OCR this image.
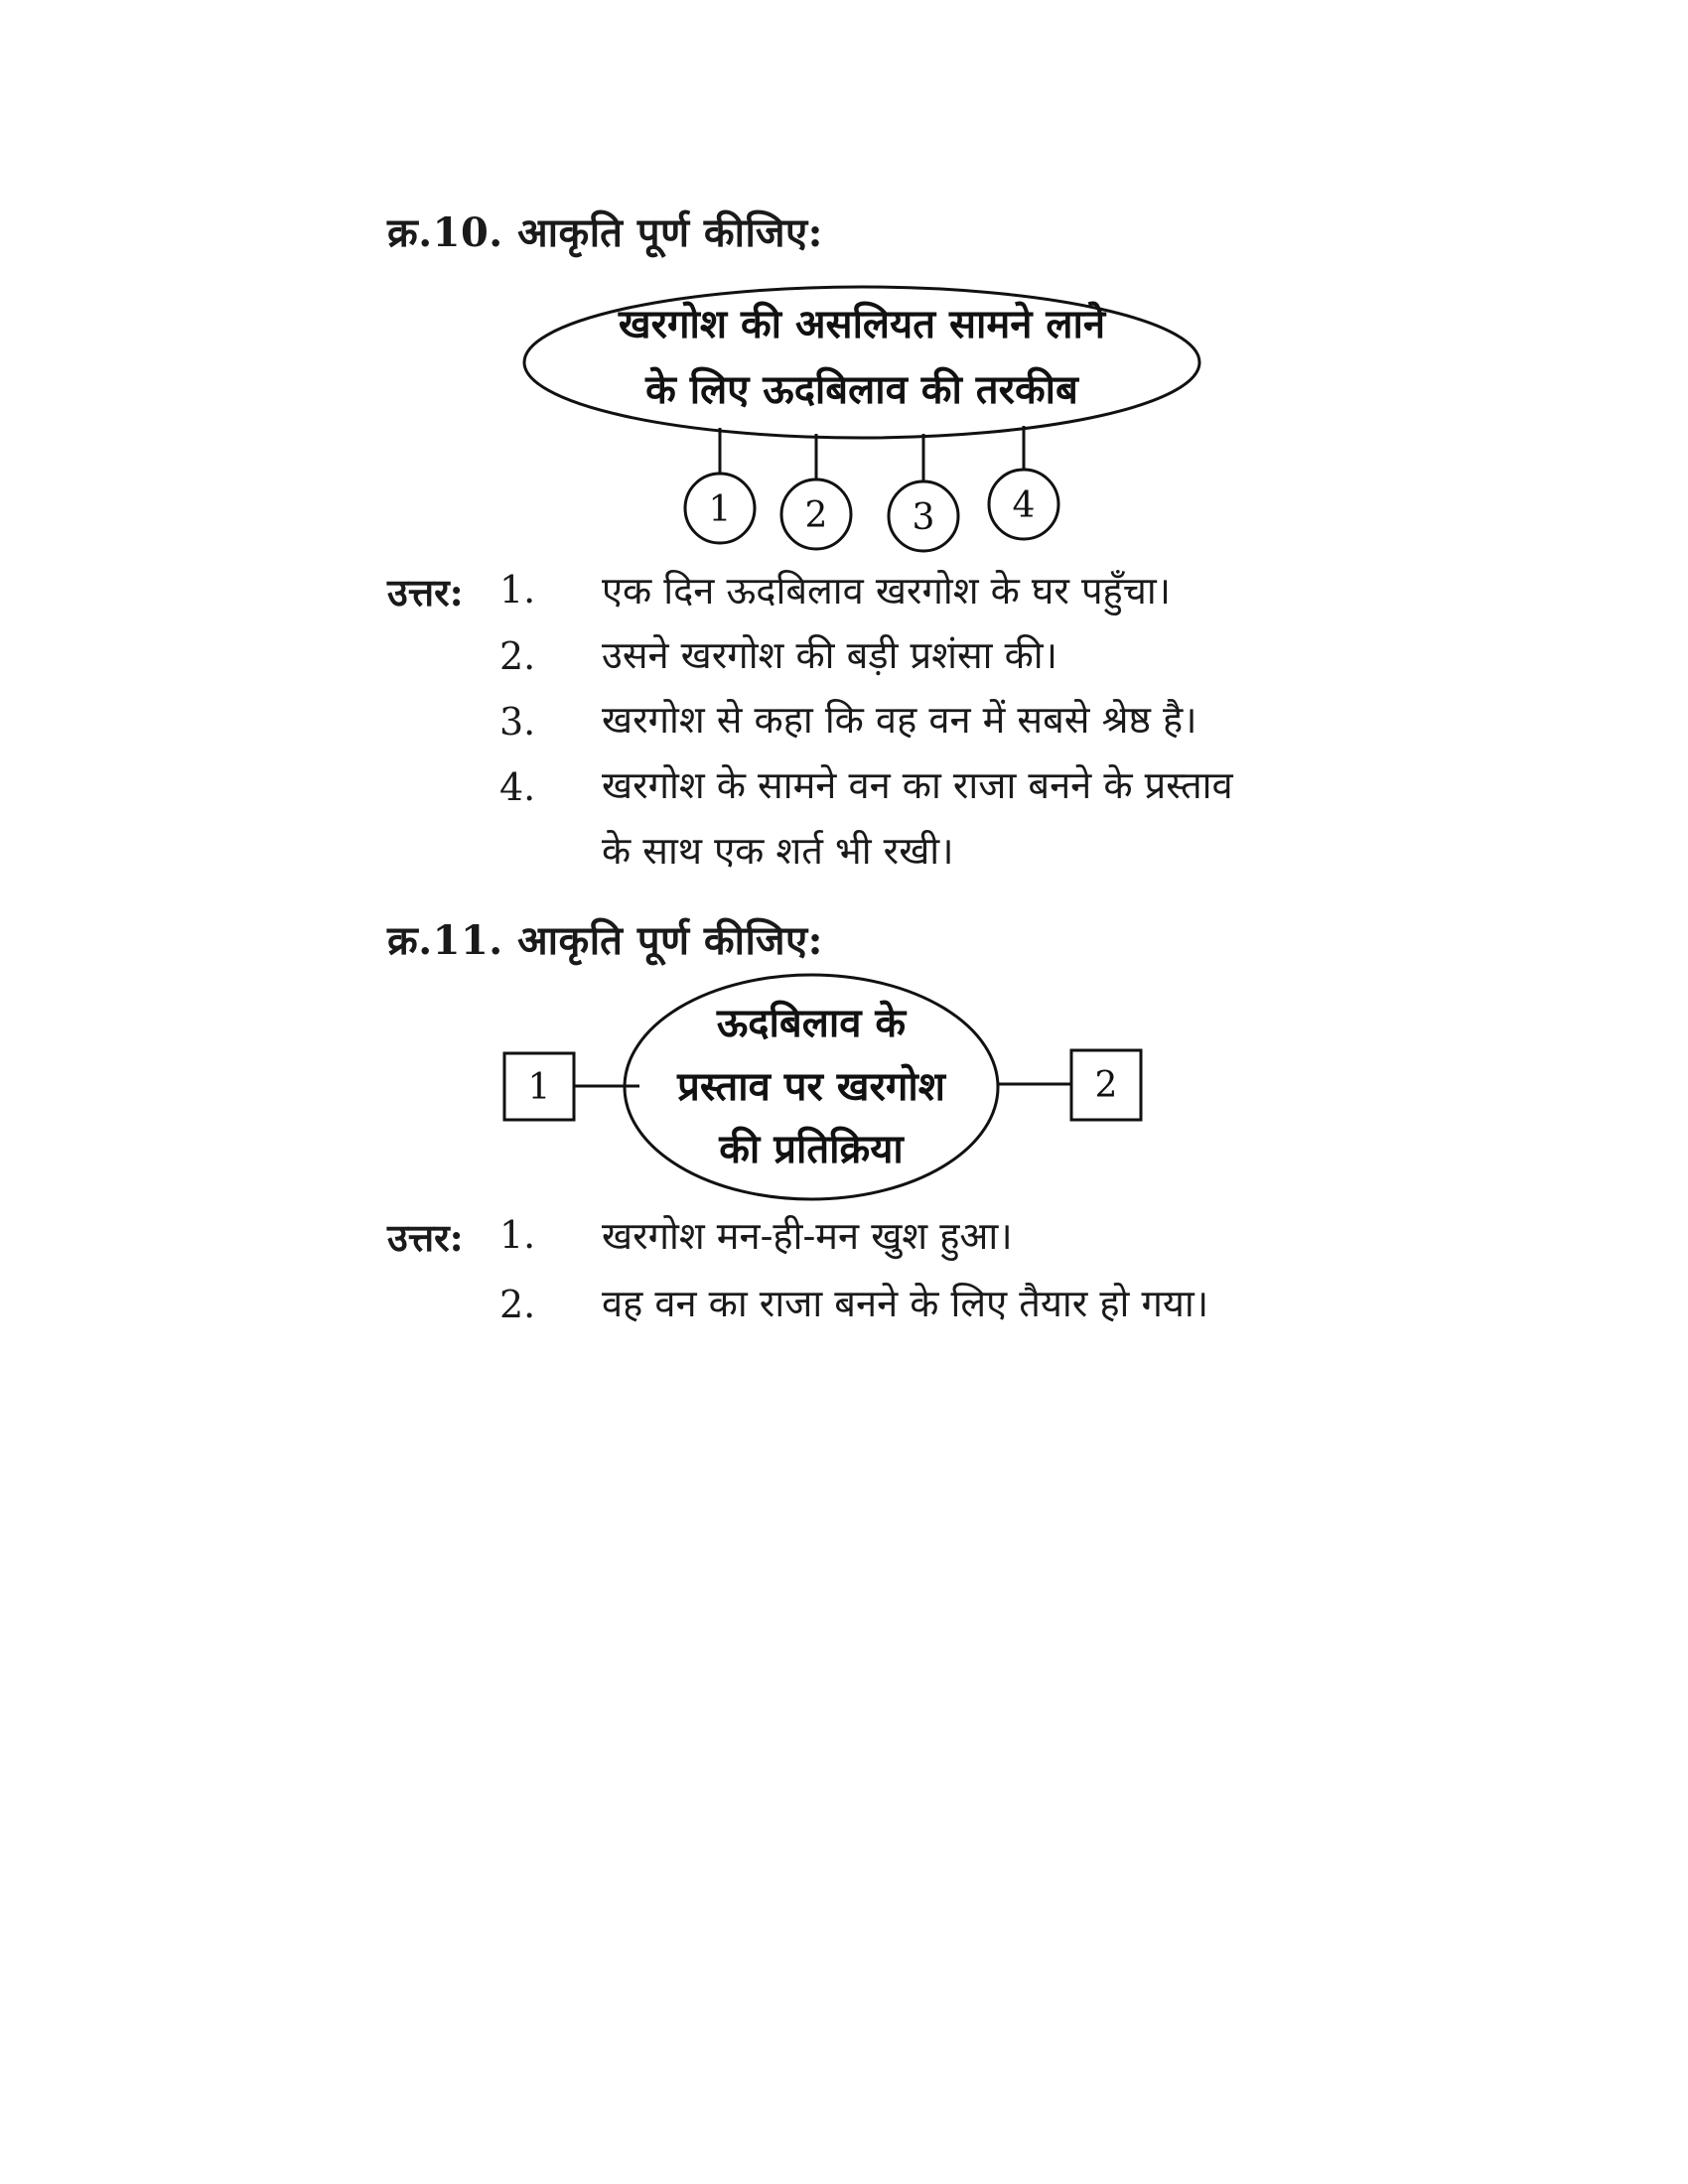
क्र.10. आकृति पूर्ण कीजिए:
खरगोश की असलियत सामने लाने
के लिए ऊदबिलाव की तरकीब
1 2 3 4
ऊदबिलाव के
प्रस्ताव पर खरगोश
की प्रतिक्रिया
1	2
उत्तर: 1. एक दिन ऊदबिलाव खरगोश के घर पहुँचा।
2. उसने खरगोश की बड़ी प्रशंसा की।
3. खरगोश से कहा कि वह वन में सबसे श्रेष्ठ है।
4. खरगोश के सामने वन का राजा बनने के प्रस्ताव
के साथ एक शर्त भी रखी।
क्र.11. आकृति पूर्ण कीजिए:
उत्तर: 1. खरगोश मन-ही-मन खुश हुआ।
2. वह वन का राजा बनने के लिए तैयार हो गया।
